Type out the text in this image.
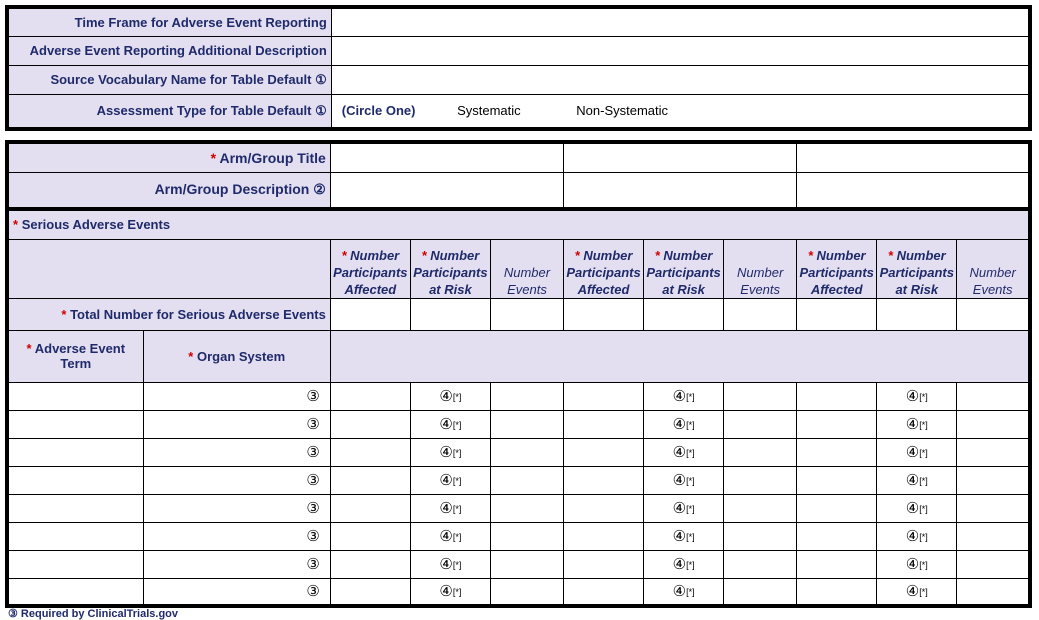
Time Frame for Adverse Event Reporting	
Adverse Event Reporting Additional Description	
Source Vocabulary Name for Table Default ①	
Assessment Type for Table Default ①	(Circle One) Systematic Non-Systematic
* Arm/Group Title										
Arm/Group Description ②										
* Serious Adverse Events										
		* Number Participants Affected	* Number Participants at Risk	Number Events	* Number Participants Affected	* Number Participants at Risk	Number Events	* Number Participants Affected	* Number Participants at Risk	Number Events
* Total Number for Serious Adverse Events										
* Adverse Event Term	* Organ System									
	③		④[*]			④[*]			④[*]	
	③		④[*]			④[*]			④[*]	
	③		④[*]			④[*]			④[*]	
	③		④[*]			④[*]			④[*]	
	③		④[*]			④[*]			④[*]	
	③		④[*]			④[*]			④[*]	
	③		④[*]			④[*]			④[*]	
	③		④[*]			④[*]			④[*]	
③ Required by ClinicalTrials.gov
